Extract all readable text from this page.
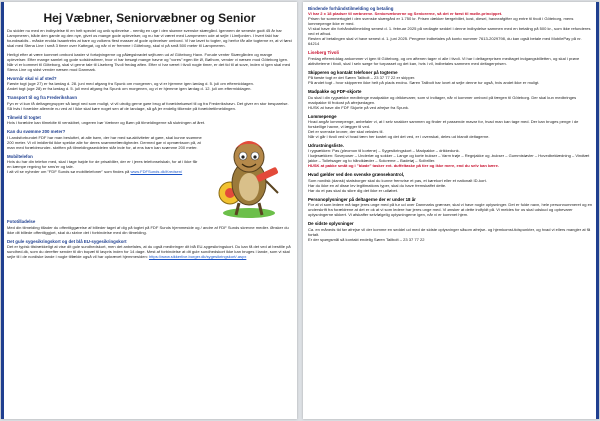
Hej Væbner, Seniorvæbner og Senior

Du sidder nu med en indbydelse til en helt speciel og unik spilevelse - nemlig en uge i den skønne svenske skærgård. Igennem de seneste godt 45 år har Lampmeren, både den gamle og den nye, givet os mange gode oplevelser, og nu har vi været med Lampmeren ude at sejle i Limfjorden. I hvert fald har foundwaldis - måske endda Isaantrebs at bare og volkens flest masser af gode oplevelser ombord. Vi har lavet to togter, og herfor får alle togterne er, at vi først skal med Stena Line i små 3 timer over Kattegat, og når vi er fremme i Göteborg, skal vi på små 500 meter til Lampmeren.

Herligt efter at være kommet ombord kaster vi fortøjningerne og pålægsbrødet sejlturen ud af Göteborg Havn. Forude venter Skærgården og mange oplevelser. Efter mange samlet og gode solskinstimer, hvor vi har besøgt mange havne og "vores" egen ille Ø, Bølhom, vender vi næsen mod Göteborg igen. Når vi er kommet til Göteborg, skal vi gerne tale til Liseberg Tivoli fredag aften. Efter vi har været i tivoli nogle timer, er det tid til at sove, inden vi igen skal med Stena Line og sidst vender næsen mod Danmark.

Hvornår skal vi af sted?

Første togt (uge 27) er fra lørdag d. 28. juni med afgang fra Spunk om morgenen, og vi er hjemme igen lørdag d. 5. juli om eftermiddagen.
Andet togt (uge 28) er fra lørdag d. 5. juli med afgang fra Spunk om morgenen, og vi er hjemme igen lørdag d. 12. juli om eftermiddagen.

Transport til og fra Frederikshavn

Fyn er vi kun få deltagergrupper så langt ned som muligt, vi vil utrolig gerne gøre brug af forældrekørsel til og fra Frederikshavn. Det giver en stor besparelse. Så hvis i forældre allerede nu ved at I ikke skal køre noget sen af de landage, så gå jer endelig tilkende på forældretilmeldingen.

Tilmeld til togtet

Hvis i forældre kan tilmeldte til venskibet, ungeren bør Væbner og Børn på tilmeldingerne så slutningen af året.

Kan du svømme 200 meter?

I Landsforbundet FDF har man besluttet, at alle børn, der har med sø-aktiviteter at gøre, skal kunne svømme 200 meter. Vi vil imidlertid ikke spekke alle for deres svømmefærdigheder. Dermed gør vi opmærksom på, at man med forældreunder- skriften på tilmeldingsseddelen står inde for, at ens barn kan svømme 200 meter.

Mobiltelefon

Hvis du har din telefon med, skal i tage højde for de prisafdiler, der er i jeres telefonselskab, for at i ikke får en kæmpe regning for sms'er og tale.
I alt vil se nyheder om "FDF Sunds sø mobiltelefoner" som findes på www.FDFSunds.dk/Kredsen/

Fototilladelse

Med din tilmelding tillader du offentliggørelse af billeder taget af dig på togtet på FDF Sunds hjemmeside og / andre af FDF Sunds skrevne medier. Ønsker du ikke dit billede offentliggjort, skal du skrive det i forbindelse med din tilmelding.

Det gule sygesikringskort og det blå EU-sygesikringskort

Det er typisk tilstrækkeligt at vise dit gule sundhedskort, men det anbefales, at du også medbringer dit blå EU-sygesikringskort. Du kan få det ved at bestille på sundhed.dk, som du derefter sender til din bopæl til lavpris inden for 14 dage. Mest af forbindelse at dit gule sundhedskort ikke kan bruges i lande, som vi skal sejle til i de nordiske lande i nogle tilfælde også vil har opkrævet hjemmesiden: https://www.sikkerlive.borger.dk/sygesikringskort/.aspx

Bindende forhåndstilmelding og betaling

Vi har 2 x 18 pladser til væbnerne. Seniorvæbnerne og Seniorerne, så det er først til mølle-princippet.

Prisen for sommertogtet i den svenske skærgård er 1.750 kr. Prisen dækker færgebillet, kost, diesel, havneafgifter og entre til tivoli i Göteborg, mens lommepenge ikke er med.
Vi skal have din forhåndstilmelding senest d. 1. februar 2025 på vedlagte seddel i denne indbydelse sammen med en betaling på 500 kr., som ikke refunderes ved et afbud.
Resten af betalingen skal vi have senest d. 1. juni 2025. Pengene indbetales på konto nummer 7613-2029798, du kan også betale med MobilePay på nr. 64214

Liseberg Tivoli

Fredag eftermiddag ankommer vi igen til Göteborg, og om aftenen tager vi alle i tivoli. Vi har i deltagerprisen medtaget indgangsbilletten, og skal i prøve aktiviteterne i tivoli, skal I selv sørge for turpasset og det kan, hvis i vil, indbetales sammen med deltagerprisen.

Skipperen og kontakt telefoner på togterne

På første togt er det Søren Tailbolt – 23 37 77 22 er skipper.
På andet togt - hvor skipperen ikke helt på plads endnu. Søren Tailbolt har lovet at sejle denne tur også, hvis andet ikke er muligt.

Madpakke og FDF-skjorte

Du skal i din rygsække medbringe madpakke og drikkevarer, som vi indtager, når vi kommer ombord på færgen til Göteborg. Der skal kun medbringes madpakke til frokost på afrejsedagen.
HUSK at have din FDF Skjorte på ved afrejse fra Spunk.

Lommepenge

Hvad angår lommepenge, anbefaler vi, at I selv snakker sammen og finder et passende mavar for, hvad man kan tage med. Der kan bruges penge i de forskellige havne, vi lægger til ved.
Det er svenske kroner, der skal veksles til.
Når vi går i tivoli ved vi hvad tæm her kostet og det det ved, er i ovenskat, deles ud blandt deltagerne.

Udrustningsliste.

I rygsækken: Pas (pleomon til kortene) – Sygesikringskort – Madpakke – drikkedunk.
I køjesækken: Soveposer – Underlæ og sokker – Lange og korte bukser – Varm trøje – Regnjakke og -bukser – Gummistøvler – Hovedbeklædning – Vindtæt jakke – Toiletsager og to håndklæder – Solcreme – Badetøj – Solbriller.

HUSK at pakke småt og i "bløde" tasker evt. duffeltaske på tier og ikke mere, end du selv kan bære.

Hvad gælder ved den svenske grænsekontrol,

Som nordisk (dansk) statsborger skal du kunne fremvise et pas, et kørekort eller et nationalt ID-kort.
Har du ikke en af disse lev legitimations typer, skal du have fremskaffet dette.
Har du et pas skal du sikre dig det ikke er udløbet.

Personoplysninger på deltagerne der er under 18 år

For at vi som ledere må tage jeres unge med på tur ud over Danmarks grænser, skal vi have nogle oplysninger. Det er fulde navn, hele personnummeret og en underskrift fra forældrene at det er ok at vi som ledere har jeres unge med. Vi ønsker at dette indfyldt på. Vi meldes for os skal udskud og opbevarer oplysningerne sikkert. Vi afskaffer selvfølgelig oplysningerne igen, når vi er kommet hjem.

De sidste oplysninger

Ca. en måneds tid før afrejse vil der komme en seddel ud med de sidste oplysninger såsom afrejse- og hjemkomst-tidspunkter, og hvad vi ellers mangler at få fortalt.
Er der spørgsmål så kontakt endelig Søren Tailbolt – 23 37 77 22
